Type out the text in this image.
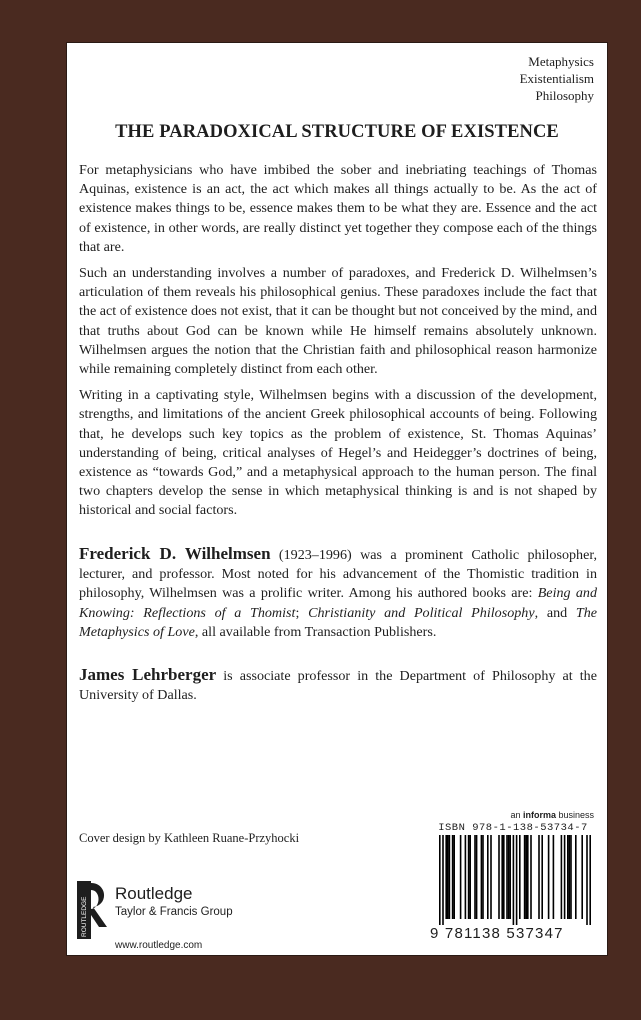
Metaphysics
Existentialism
Philosophy
THE PARADOXICAL STRUCTURE OF EXISTENCE

For metaphysicians who have imbibed the sober and inebriating teachings of Thomas Aquinas, existence is an act, the act which makes all things actually to be. As the act of existence makes things to be, essence makes them to be what they are. Essence and the act of existence, in other words, are really distinct yet together they compose each of the things that are.

Such an understanding involves a number of paradoxes, and Frederick D. Wilhelmsen’s articulation of them reveals his philosophical genius. These paradoxes include the fact that the act of existence does not exist, that it can be thought but not conceived by the mind, and that truths about God can be known while He himself remains absolutely unknown. Wilhelmsen argues the notion that the Christian faith and philosophical reason harmonize while remaining completely distinct from each other.

Writing in a captivating style, Wilhelmsen begins with a discussion of the development, strengths, and limitations of the ancient Greek philosophical accounts of being. Following that, he develops such key topics as the problem of existence, St. Thomas Aquinas’ understanding of being, critical analyses of Hegel’s and Heidegger’s doctrines of being, existence as “towards God,” and a metaphysical approach to the human person. The final two chapters develop the sense in which metaphysical thinking is and is not shaped by historical and social factors.

Frederick D. Wilhelmsen (1923–1996) was a prominent Catholic philosopher, lecturer, and professor. Most noted for his advancement of the Thomistic tradition in philosophy, Wilhelmsen was a prolific writer. Among his authored books are: Being and Knowing: Reflections of a Thomist; Christianity and Political Philosophy, and The Metaphysics of Love, all available from Transaction Publishers.
James Lehrberger is associate professor in the Department of Philosophy at the University of Dallas.
Cover design by Kathleen Ruane-Przyhocki
ROUTLEDGE
Routledge
Taylor & Francis Group
www.routledge.com
an informa business
ISBN 978-1-138-53734-7
9 781138 537347
